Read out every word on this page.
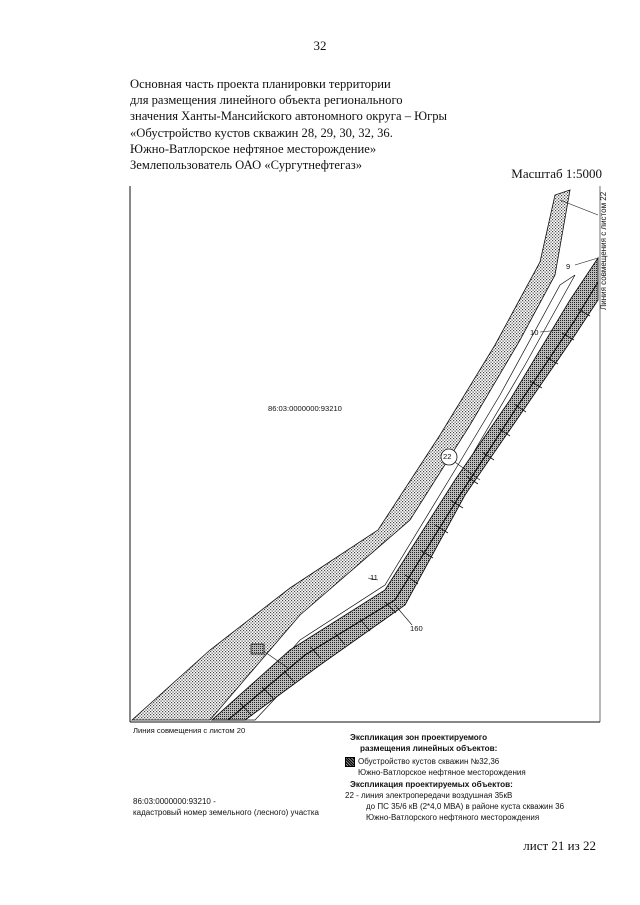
32
Основная часть проекта планировки территории
для размещения линейного объекта регионального
значения Ханты-Мансийского автономного округа – Югры
«Обустройство кустов скважин 28, 29, 30, 32, 36.
Южно-Ватлорское нефтяное месторождение»
Землепользователь ОАО «Сургутнефтегаз»
Масштаб 1:5000
86:03:0000000:93210
22
11
160
10
9	Линия совмещения с листом 22
Линия совмещения с листом 20
Экспликация зон проектируемого
размещения линейных объектов:
Обустройство кустов скважин №32,36
Южно-Ватлорское нефтяное месторождения
Экспликация проектируемых объектов:
22 - линия электропередачи воздушная 35кВ
до ПС 35/6 кВ (2*4,0 МВА) в районе куста скважин 36
Южно-Ватлорского нефтяного месторождения
86:03:0000000:93210 -
кадастровый номер земельного (лесного) участка
лист 21 из 22
